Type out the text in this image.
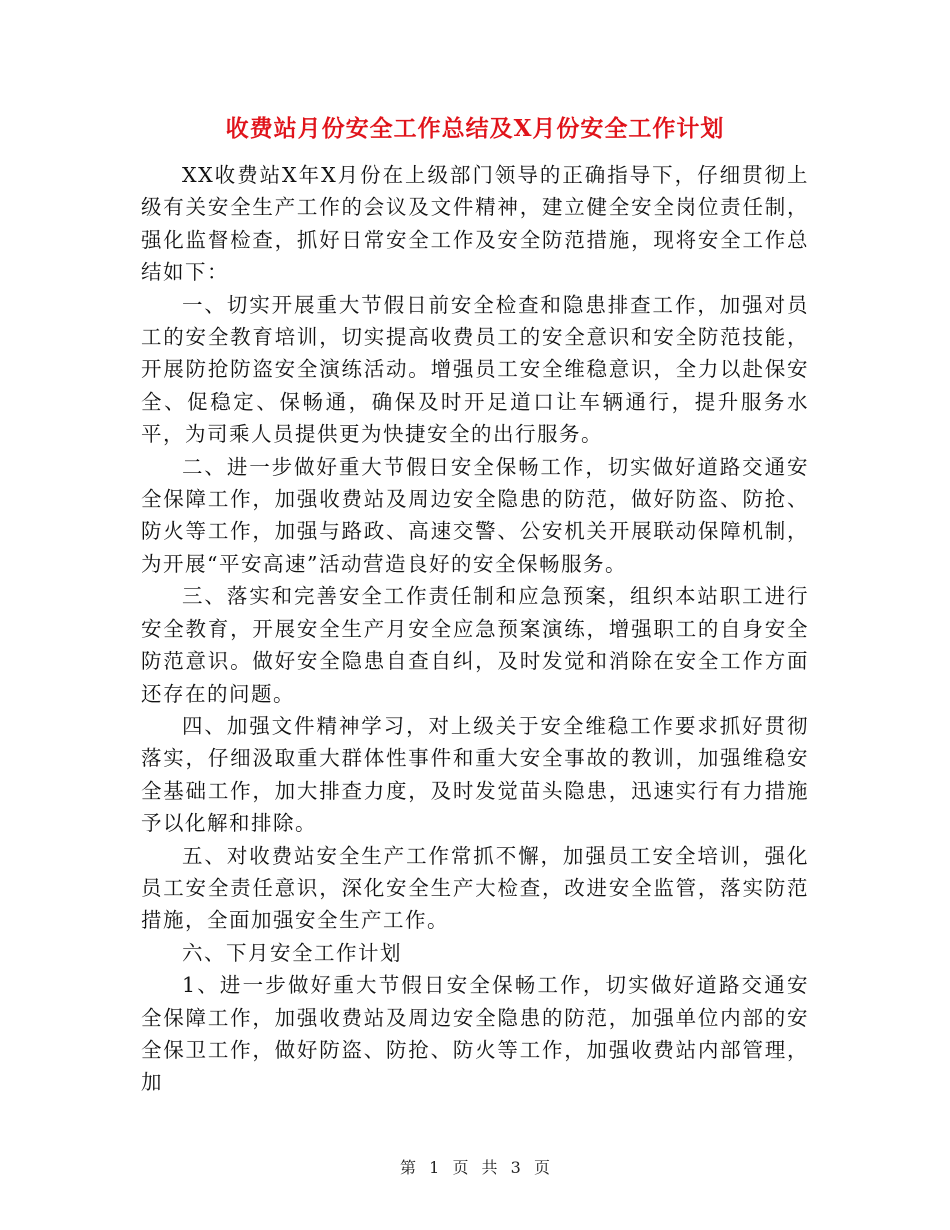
收费站月份安全工作总结及X月份安全工作计划

XX收费站X年X月份在上级部门领导的正确指导下，仔细贯彻上级有关安全生产工作的会议及文件精神，建立健全安全岗位责任制，强化监督检查，抓好日常安全工作及安全防范措施，现将安全工作总结如下：

一、切实开展重大节假日前安全检查和隐患排查工作，加强对员工的安全教育培训，切实提高收费员工的安全意识和安全防范技能，开展防抢防盗安全演练活动。增强员工安全维稳意识，全力以赴保安全、促稳定、保畅通，确保及时开足道口让车辆通行，提升服务水平，为司乘人员提供更为快捷安全的出行服务。

二、进一步做好重大节假日安全保畅工作，切实做好道路交通安全保障工作，加强收费站及周边安全隐患的防范，做好防盗、防抢、防火等工作，加强与路政、高速交警、公安机关开展联动保障机制，为开展“平安高速”活动营造良好的安全保畅服务。

三、落实和完善安全工作责任制和应急预案，组织本站职工进行安全教育，开展安全生产月安全应急预案演练，增强职工的自身安全防范意识。做好安全隐患自查自纠，及时发觉和消除在安全工作方面还存在的问题。

四、加强文件精神学习，对上级关于安全维稳工作要求抓好贯彻落实，仔细汲取重大群体性事件和重大安全事故的教训，加强维稳安全基础工作，加大排查力度，及时发觉苗头隐患，迅速实行有力措施予以化解和排除。

五、对收费站安全生产工作常抓不懈，加强员工安全培训，强化员工安全责任意识，深化安全生产大检查，改进安全监管，落实防范措施，全面加强安全生产工作。

六、下月安全工作计划

1、进一步做好重大节假日安全保畅工作，切实做好道路交通安全保障工作，加强收费站及周边安全隐患的防范，加强单位内部的安全保卫工作，做好防盗、防抢、防火等工作，加强收费站内部管理，加

第 1 页 共 3 页
